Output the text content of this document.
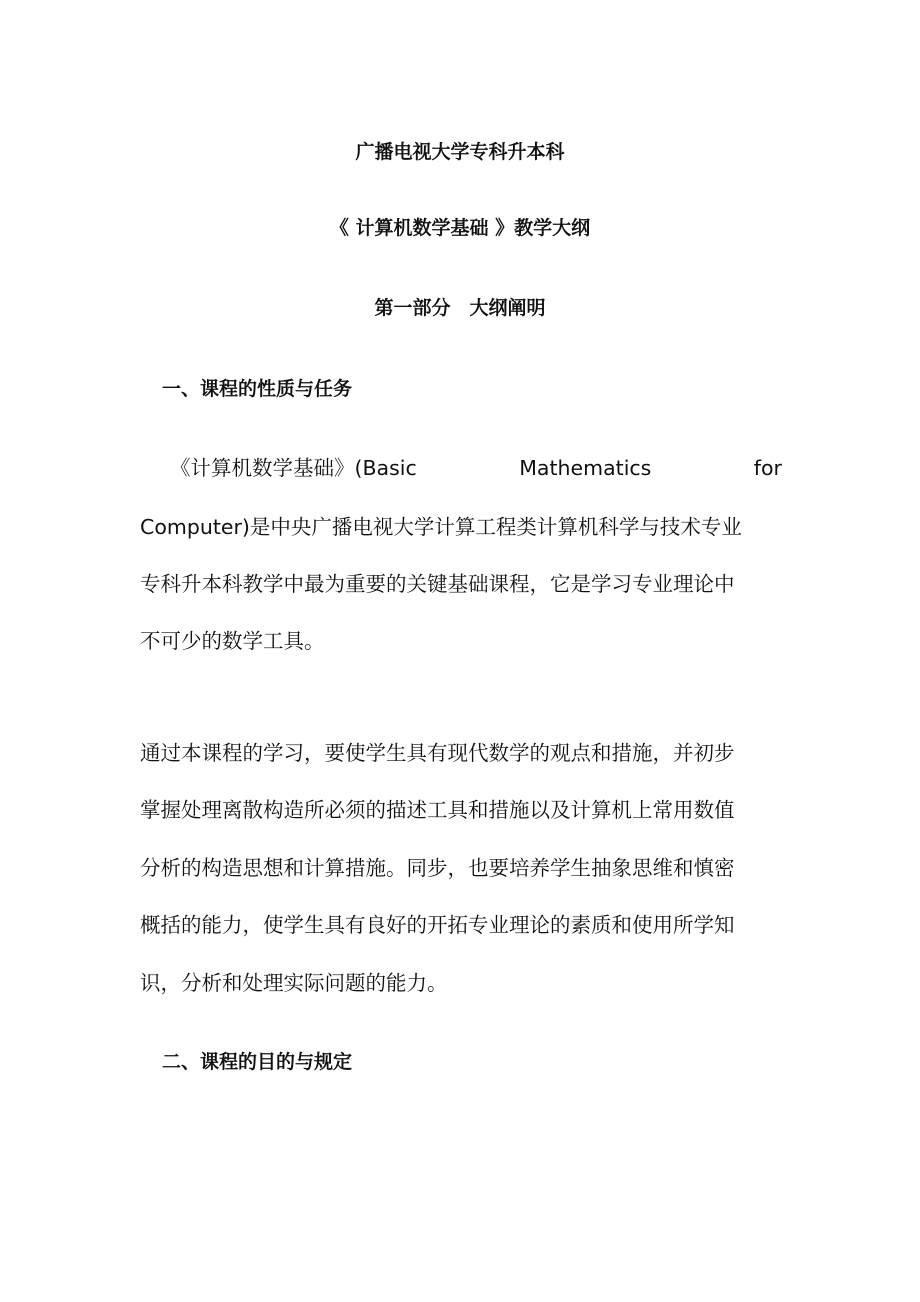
广播电视大学专科升本科
《 计算机数学基础 》教学大纲
第一部分　大纲阐明
一、课程的性质与任务
《计算机数学基础》(Basic	Mathematics	for
Computer)是中央广播电视大学计算工程类计算机科学与技术专业
专科升本科教学中最为重要的关键基础课程，它是学习专业理论中
不可少的数学工具。
通过本课程的学习，要使学生具有现代数学的观点和措施，并初步
掌握处理离散构造所必须的描述工具和措施以及计算机上常用数值
分析的构造思想和计算措施。同步，也要培养学生抽象思维和慎密
概括的能力，使学生具有良好的开拓专业理论的素质和使用所学知
识，分析和处理实际问题的能力。
二、课程的目的与规定
